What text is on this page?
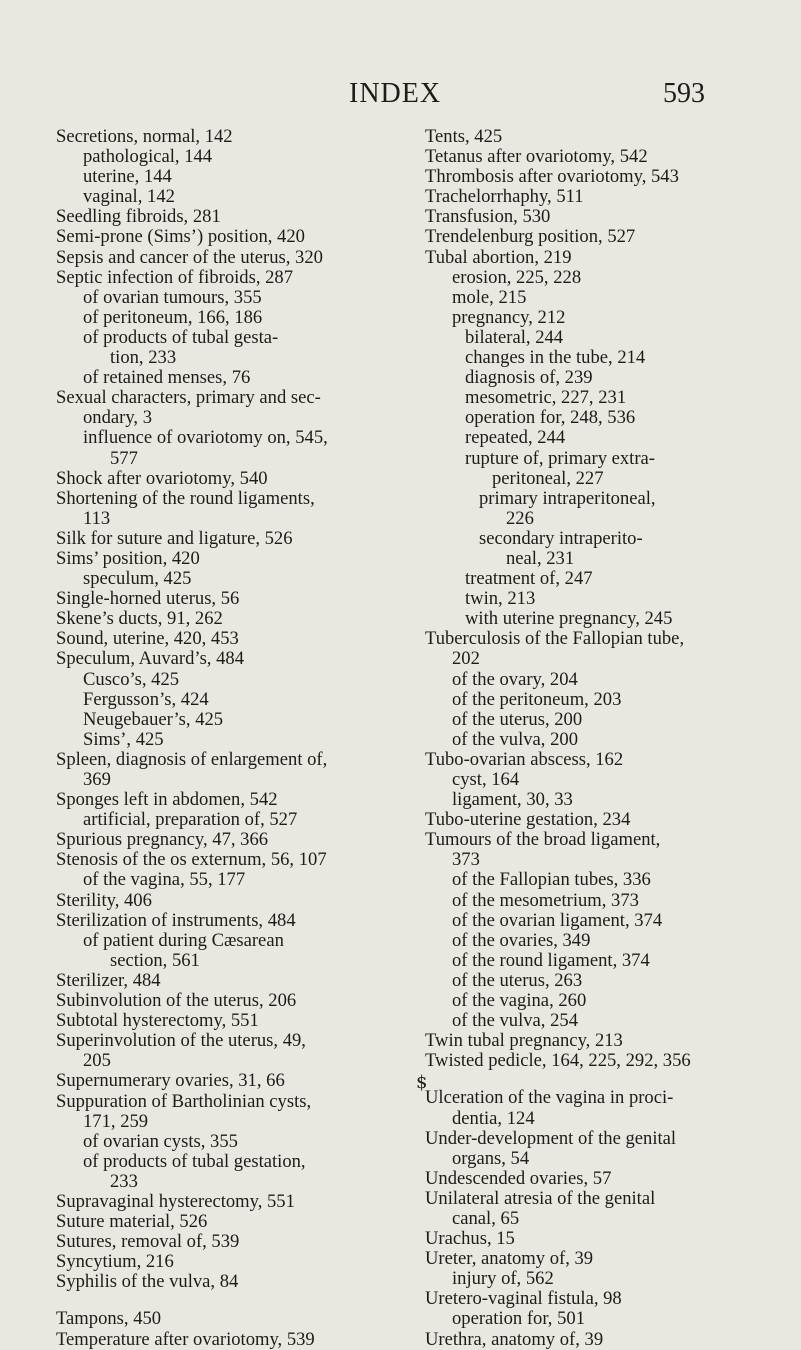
INDEX	593
Secretions, normal, 142
pathological, 144
uterine, 144
vaginal, 142
Seedling fibroids, 281
Semi-prone (Sims’) position, 420
Sepsis and cancer of the uterus, 320
Septic infection of fibroids, 287
of ovarian tumours, 355
of peritoneum, 166, 186
of products of tubal gesta-
tion, 233
of retained menses, 76
Sexual characters, primary and sec-
ondary, 3
influence of ovariotomy on, 545,
577
Shock after ovariotomy, 540
Shortening of the round ligaments,
113
Silk for suture and ligature, 526
Sims’ position, 420
speculum, 425
Single-horned uterus, 56
Skene’s ducts, 91, 262
Sound, uterine, 420, 453
Speculum, Auvard’s, 484
Cusco’s, 425
Fergusson’s, 424
Neugebauer’s, 425
Sims’, 425
Spleen, diagnosis of enlargement of,
369
Sponges left in abdomen, 542
artificial, preparation of, 527
Spurious pregnancy, 47, 366
Stenosis of the os externum, 56, 107
of the vagina, 55, 177
Sterility, 406
Sterilization of instruments, 484
of patient during Cæsarean
section, 561
Sterilizer, 484
Subinvolution of the uterus, 206
Subtotal hysterectomy, 551
Superinvolution of the uterus, 49,
205
Supernumerary ovaries, 31, 66
Suppuration of Bartholinian cysts,
171, 259
of ovarian cysts, 355
of products of tubal gestation,
233
Supravaginal hysterectomy, 551
Suture material, 526
Sutures, removal of, 539
Syncytium, 216
Syphilis of the vulva, 84
Tampons, 450
Temperature after ovariotomy, 539
Tents, 425
Tetanus after ovariotomy, 542
Thrombosis after ovariotomy, 543
Trachelorrhaphy, 511
Transfusion, 530
Trendelenburg position, 527
Tubal abortion, 219
erosion, 225, 228
mole, 215
pregnancy, 212
bilateral, 244
changes in the tube, 214
diagnosis of, 239
mesometric, 227, 231
operation for, 248, 536
repeated, 244
rupture of, primary extra-
peritoneal, 227
primary intraperitoneal,
226
secondary intraperito-
neal, 231
treatment of, 247
twin, 213
with uterine pregnancy, 245
Tuberculosis of the Fallopian tube,
202
of the ovary, 204
of the peritoneum, 203
of the uterus, 200
of the vulva, 200
Tubo-ovarian abscess, 162
cyst, 164
ligament, 30, 33
Tubo-uterine gestation, 234
Tumours of the broad ligament,
373
of the Fallopian tubes, 336
of the mesometrium, 373
of the ovarian ligament, 374
of the ovaries, 349
of the round ligament, 374
of the uterus, 263
of the vagina, 260
of the vulva, 254
Twin tubal pregnancy, 213
Twisted pedicle, 164, 225, 292, 356
Ulceration of the vagina in proci-
dentia, 124
Under-development of the genital
organs, 54
Undescended ovaries, 57
Unilateral atresia of the genital
canal, 65
Urachus, 15
Ureter, anatomy of, 39
injury of, 562
Uretero-vaginal fistula, 98
operation for, 501
Urethra, anatomy of, 39
$
